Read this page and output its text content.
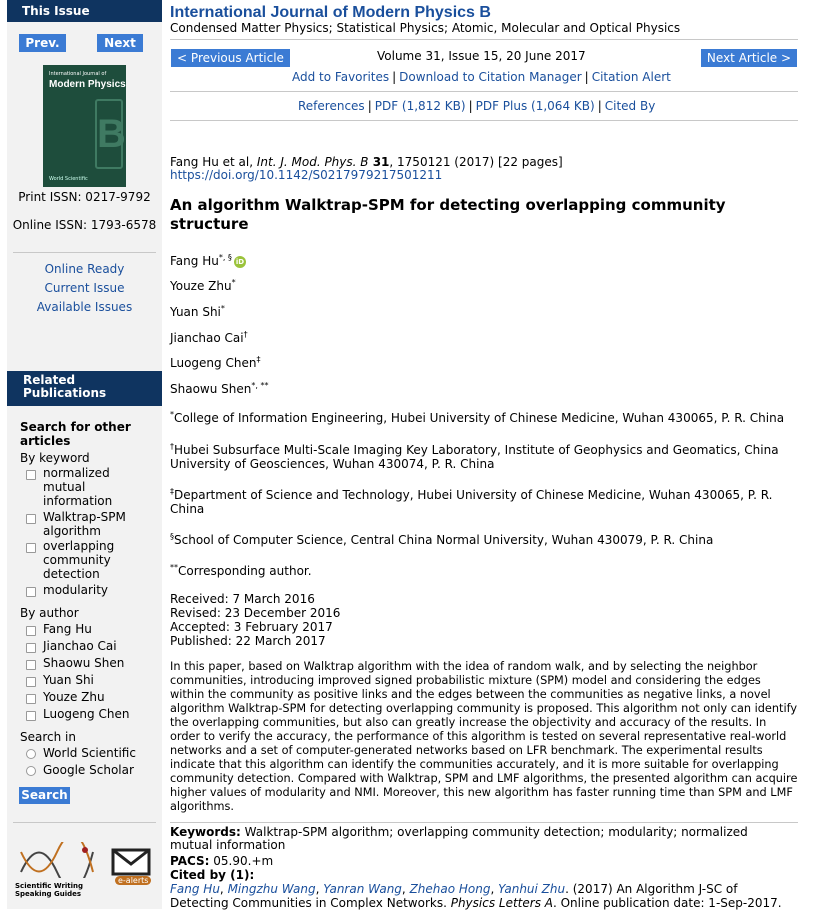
This Issue
Prev.	Next
International Journal of
Modern Physics
B
World Scientific
Print ISSN: 0217-9792
Online ISSN: 1793-6578
Online Ready
Current Issue
Available Issues
Related Publications
Search for other articles
By keyword
normalized mutual information
Walktrap-SPM algorithm
overlapping community detection
modularity
By author
Fang Hu
Jianchao Cai
Shaowu Shen
Yuan Shi
Youze Zhu
Luogeng Chen
Search in
World Scientific
Google Scholar
Search
Scientific Writing Speaking Guides
e-alerts
International Journal of Modern Physics B
Condensed Matter Physics; Statistical Physics; Atomic, Molecular and Optical Physics
< Previous Article	Next Article >
Volume 31, Issue 15, 20 June 2017
Add to Favorites | Download to Citation Manager | Citation Alert
References | PDF (1,812 KB) | PDF Plus (1,064 KB) | Cited By
Fang Hu et al, Int. J. Mod. Phys. B 31, 1750121 (2017) [22 pages]
https://doi.org/10.1142/S0217979217501211
An algorithm Walktrap-SPM for detecting overlapping community structure
Fang Hu*, § iD
Youze Zhu*
Yuan Shi*
Jianchao Cai†
Luogeng Chen‡
Shaowu Shen*, **
*College of Information Engineering, Hubei University of Chinese Medicine, Wuhan 430065, P. R. China
†Hubei Subsurface Multi-Scale Imaging Key Laboratory, Institute of Geophysics and Geomatics, China University of Geosciences, Wuhan 430074, P. R. China
‡Department of Science and Technology, Hubei University of Chinese Medicine, Wuhan 430065, P. R. China
§School of Computer Science, Central China Normal University, Wuhan 430079, P. R. China
**Corresponding author.
Received: 7 March 2016
Revised: 23 December 2016
Accepted: 3 February 2017
Published: 22 March 2017
In this paper, based on Walktrap algorithm with the idea of random walk, and by selecting the neighbor communities, introducing improved signed probabilistic mixture (SPM) model and considering the edges within the community as positive links and the edges between the communities as negative links, a novel algorithm Walktrap-SPM for detecting overlapping community is proposed. This algorithm not only can identify the overlapping communities, but also can greatly increase the objectivity and accuracy of the results. In order to verify the accuracy, the performance of this algorithm is tested on several representative real-world networks and a set of computer-generated networks based on LFR benchmark. The experimental results indicate that this algorithm can identify the communities accurately, and it is more suitable for overlapping community detection. Compared with Walktrap, SPM and LMF algorithms, the presented algorithm can acquire higher values of modularity and NMI. Moreover, this new algorithm has faster running time than SPM and LMF algorithms.
Keywords: Walktrap-SPM algorithm; overlapping community detection; modularity; normalized mutual information
PACS: 05.90.+m
Cited by (1):
Fang Hu, Mingzhu Wang, Yanran Wang, Zhehao Hong, Yanhui Zhu. (2017) An Algorithm J-SC of Detecting Communities in Complex Networks. Physics Letters A. Online publication date: 1-Sep-2017.
